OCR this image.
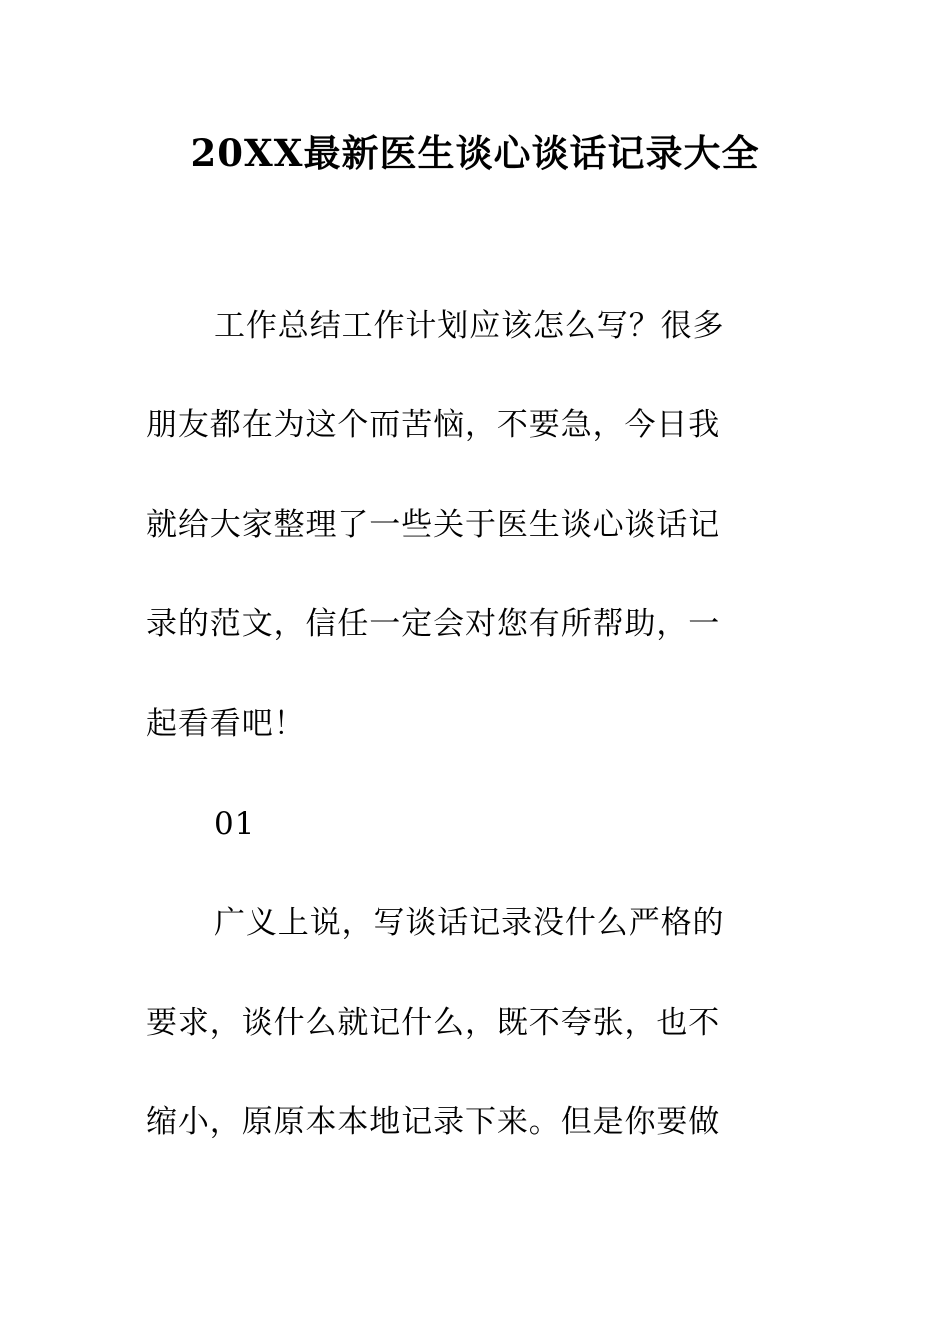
20XX最新医生谈心谈话记录大全
工作总结工作计划应该怎么写？很多
朋友都在为这个而苦恼，不要急，今日我
就给大家整理了一些关于医生谈心谈话记
录的范文，信任一定会对您有所帮助，一
起看看吧！
01
广义上说，写谈话记录没什么严格的
要求，谈什么就记什么，既不夸张，也不
缩小，原原本本地记录下来。但是你要做
